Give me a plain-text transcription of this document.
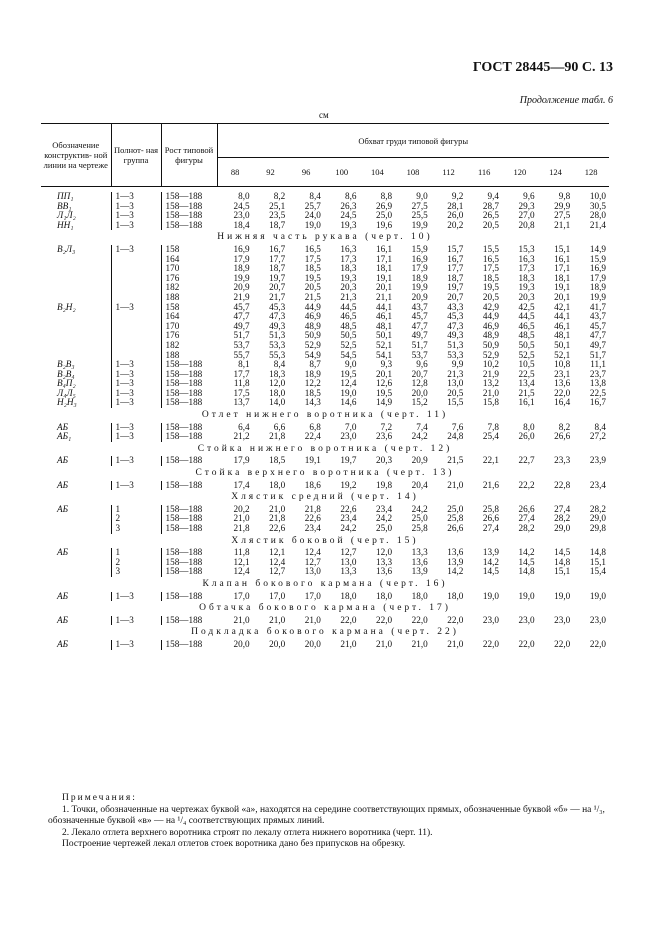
ГОСТ 28445—90 С. 13
Продолжение табл. 6
см
Обозначение конструктив- ной линии на чертеже	Полнот- ная группа	Рост типовой фигуры	Обхват груди типовой фигуры										
			88	92	96	100	104	108	112	116	120	124	128

ПП₁	1—3	158—188	8,0	8,2	8,4	8,6	8,8	9,0	9,2	9,4	9,6	9,8	10,0
ВВ₁	1—3	158—188	24,5	25,1	25,7	26,3	26,9	27,5	28,1	28,7	29,3	29,9	30,5
Л₁Л₂	1—3	158—188	23,0	23,5	24,0	24,5	25,0	25,5	26,0	26,5	27,0	27,5	28,0
НН₁	1—3	158—188	18,4	18,7	19,0	19,3	19,6	19,9	20,2	20,5	20,8	21,1	21,4
Нижняя часть рукава (черт. 10)													
В₂Л₃	1—3	158	16,9	16,7	16,5	16,3	16,1	15,9	15,7	15,5	15,3	15,1	14,9
		164	17,9	17,7	17,5	17,3	17,1	16,9	16,7	16,5	16,3	16,1	15,9
		170	18,9	18,7	18,5	18,3	18,1	17,9	17,7	17,5	17,3	17,1	16,9
		176	19,9	19,7	19,5	19,3	19,1	18,9	18,7	18,5	18,3	18,1	17,9
		182	20,9	20,7	20,5	20,3	20,1	19,9	19,7	19,5	19,3	19,1	18,9
		188	21,9	21,7	21,5	21,3	21,1	20,9	20,7	20,5	20,3	20,1	19,9
В₂Н₂	1—3	158	45,7	45,3	44,9	44,5	44,1	43,7	43,3	42,9	42,5	42,1	41,7
		164	47,7	47,3	46,9	46,5	46,1	45,7	45,3	44,9	44,5	44,1	43,7
		170	49,7	49,3	48,9	48,5	48,1	47,7	47,3	46,9	46,5	46,1	45,7
		176	51,7	51,3	50,9	50,5	50,1	49,7	49,3	48,9	48,5	48,1	47,7
		182	53,7	53,3	52,9	52,5	52,1	51,7	51,3	50,9	50,5	50,1	49,7
		188	55,7	55,3	54,9	54,5	54,1	53,7	53,3	52,9	52,5	52,1	51,7
В₂В₃	1—3	158—188	8,1	8,4	8,7	9,0	9,3	9,6	9,9	10,2	10,5	10,8	11,1
В₂В₄	1—3	158—188	17,7	18,3	18,9	19,5	20,1	20,7	21,3	21,9	22,5	23,1	23,7
В₄П₂	1—3	158—188	11,8	12,0	12,2	12,4	12,6	12,8	13,0	13,2	13,4	13,6	13,8
Л₄Л₅	1—3	158—188	17,5	18,0	18,5	19,0	19,5	20,0	20,5	21,0	21,5	22,0	22,5
Н₂Н₃	1—3	158—188	13,7	14,0	14,3	14,6	14,9	15,2	15,5	15,8	16,1	16,4	16,7
Отлет нижнего воротника (черт. 11)													
АБ	1—3	158—188	6,4	6,6	6,8	7,0	7,2	7,4	7,6	7,8	8,0	8,2	8,4
АБ₁	1—3	158—188	21,2	21,8	22,4	23,0	23,6	24,2	24,8	25,4	26,0	26,6	27,2
Стойка нижнего воротника (черт. 12)													
АБ	1—3	158—188	17,9	18,5	19,1	19,7	20,3	20,9	21,5	22,1	22,7	23,3	23,9
Стойка верхнего воротника (черт. 13)													
АБ	1—3	158—188	17,4	18,0	18,6	19,2	19,8	20,4	21,0	21,6	22,2	22,8	23,4
Хлястик средний (черт. 14)													
АБ	1	158—188	20,2	21,0	21,8	22,6	23,4	24,2	25,0	25,8	26,6	27,4	28,2
	2	158—188	21,0	21,8	22,6	23,4	24,2	25,0	25,8	26,6	27,4	28,2	29,0
	3	158—188	21,8	22,6	23,4	24,2	25,0	25,8	26,6	27,4	28,2	29,0	29,8
Хлястик боковой (черт. 15)													
АБ	1	158—188	11,8	12,1	12,4	12,7	12,0	13,3	13,6	13,9	14,2	14,5	14,8
	2	158—188	12,1	12,4	12,7	13,0	13,3	13,6	13,9	14,2	14,5	14,8	15,1
	3	158—188	12,4	12,7	13,0	13,3	13,6	13,9	14,2	14,5	14,8	15,1	15,4
Клапан бокового кармана (черт. 16)													
АБ	1—3	158—188	17,0	17,0	17,0	18,0	18,0	18,0	18,0	19,0	19,0	19,0	19,0
Обтачка бокового кармана (черт. 17)													
АБ	1—3	158—188	21,0	21,0	21,0	22,0	22,0	22,0	22,0	23,0	23,0	23,0	23,0
Подкладка бокового кармана (черт. 22)													
АБ	1—3	158—188	20,0	20,0	20,0	21,0	21,0	21,0	21,0	22,0	22,0	22,0	22,0

Примечания:

1. Точки, обозначенные на чертежах буквой «а», находятся на середине соответствующих прямых, обозначенные буквой «б» — на ¹/₃, обозначенные буквой «в» — на ¹/₄ соответствующих прямых линий.

2. Лекало отлета верхнего воротника строят по лекалу отлета нижнего воротника (черт. 11).

Построение чертежей лекал отлетов стоек воротника дано без припусков на обрезку.
